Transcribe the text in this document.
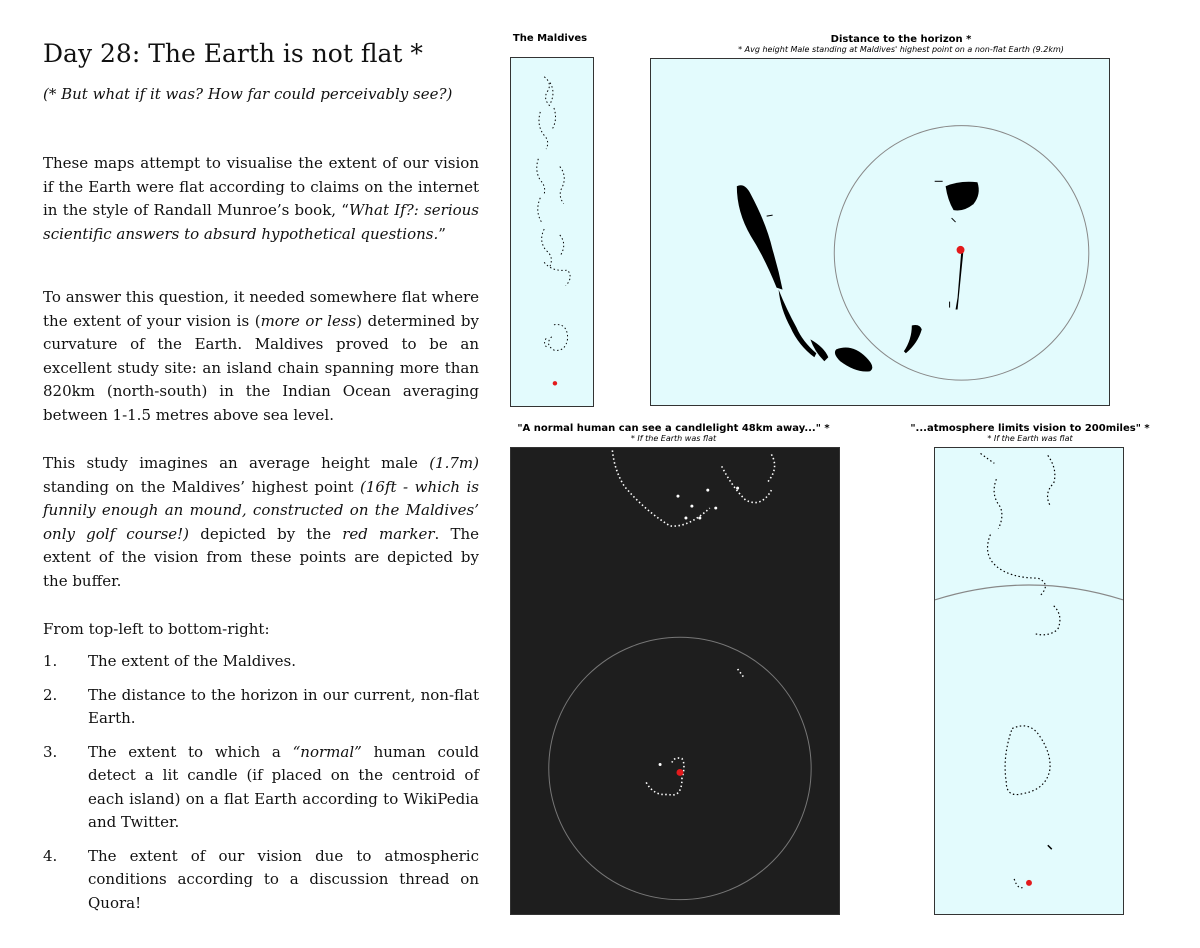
Day 28: The Earth is not flat *

(* But what if it was? How far could perceivably see?)

These maps attempt to visualise the extent of our vision if the Earth were flat according to claims on the internet in the style of Randall Munroe’s book, “What If?: serious scientific answers to absurd hypothetical questions.”

To answer this question, it needed somewhere flat where the extent of your vision is (more or less) determined by curvature of the Earth. Maldives proved to be an excellent study site: an island chain spanning more than 820km (north-south) in the Indian Ocean averaging between 1-1.5 metres above sea level.

This study imagines an average height male (1.7m) standing on the Maldives’ highest point (16ft - which is funnily enough an mound, constructed on the Maldives’ only golf course!) depicted by the red marker. The extent of the vision from these points are depicted by the buffer.

From top-left to bottom-right:

1.	The extent of the Maldives.
2.	The distance to the horizon in our current, non-flat Earth.
3.	The extent to which a “normal” human could detect a lit candle (if placed on the centroid of each island) on a flat Earth according to WikiPedia and Twitter.
4.	The extent of our vision due to atmospheric conditions according to a discussion thread on Quora!
The Maldives	Distance to the horizon *
* Avg height Male standing at Maldives' highest point on a non-flat Earth (9.2km)
"A normal human can see a candlelight 48km away..." *
* If the Earth was flat
"...atmosphere limits vision to 200miles" *
* If the Earth was flat
